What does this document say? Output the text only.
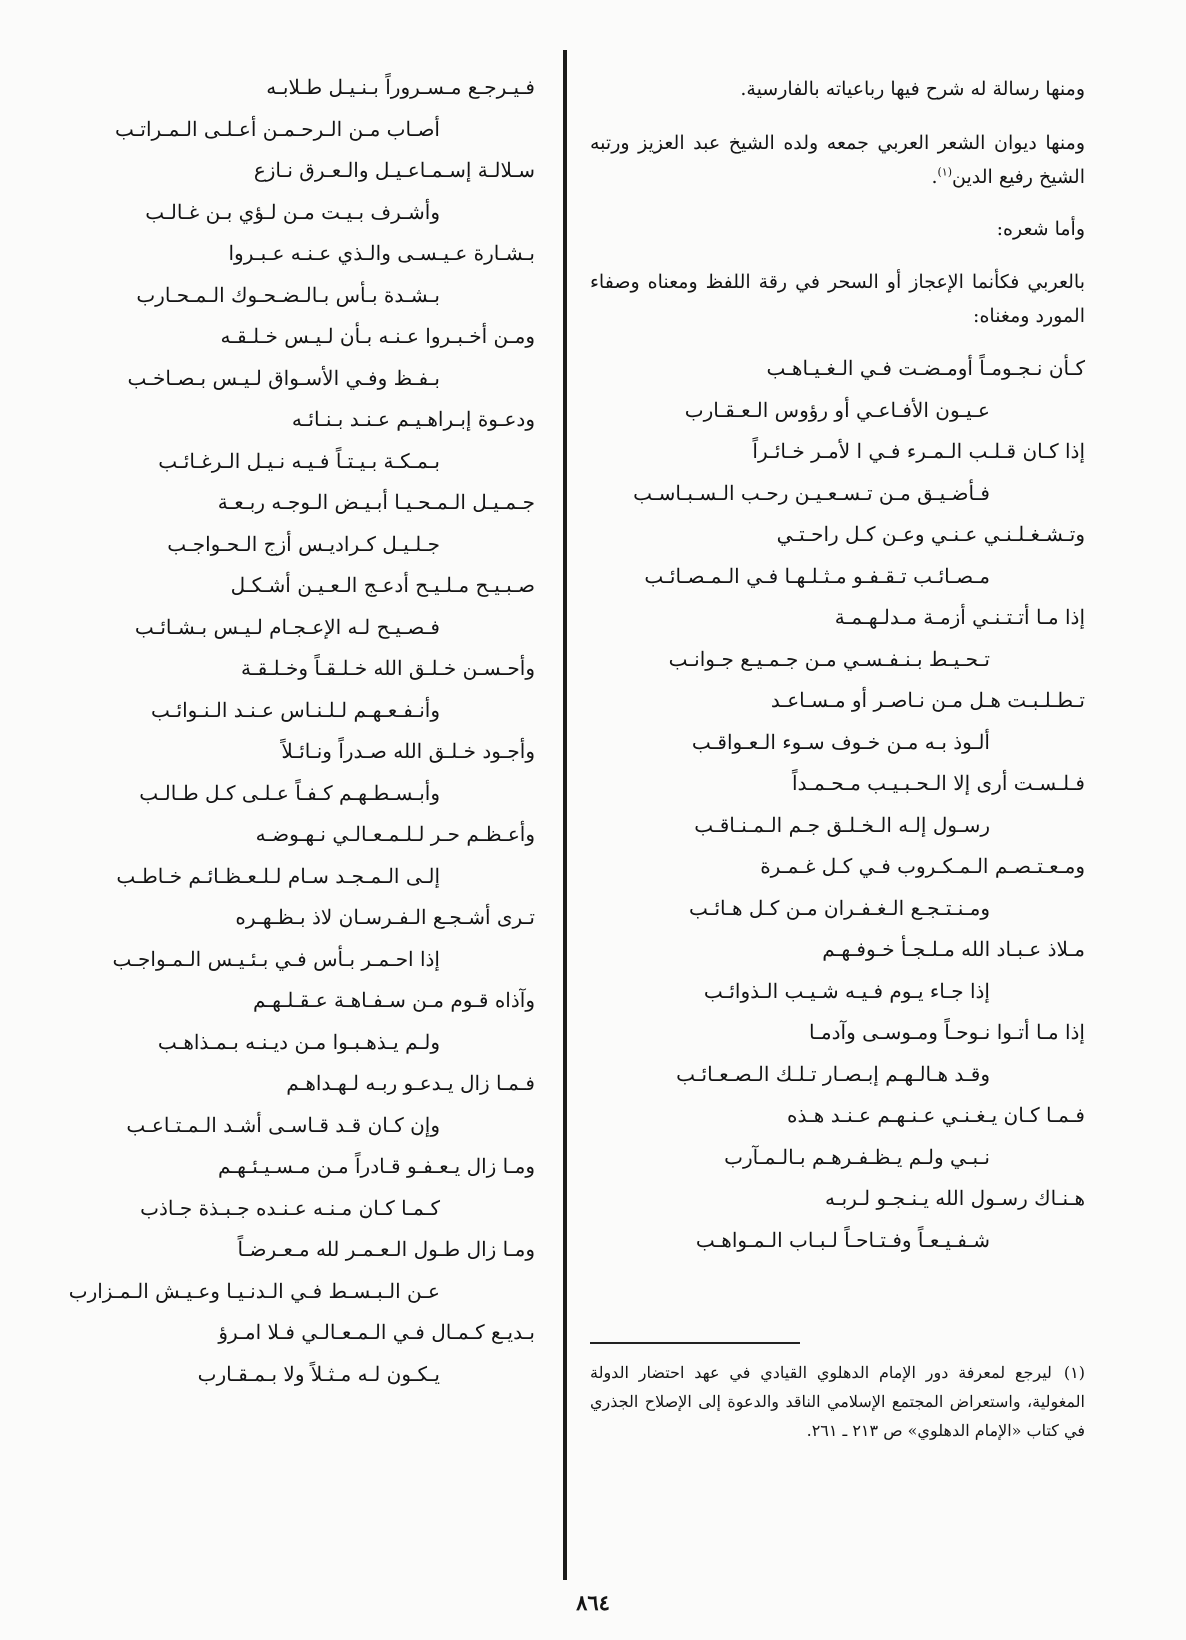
ومنها رسالة له شرح فيها رباعياته بالفارسية.
ومنها ديوان الشعر العربي جمعه ولده الشيخ عبد العزيز ورتبه الشيخ رفيع الدين$^{(١)}$.
وأما شعره:
بالعربي فكأنما الإعجاز أو السحر في رقة اللفظ ومعناه وصفاء المورد ومغناه:
كـأن نـجـومـاً أومـضـت فـي الـغـيـاهـب
عـيـون الأفـاعـي أو رؤوس الـعـقـارب
إذا كـان قـلـب الـمـرء فـي ا لأمـر خـائـراً
فـأضـيـق مـن تـسـعـيـن رحـب الـسـبـاسـب
وتـشـغـلـنـي عـنـي وعـن كـل راحـتـي
مـصـائـب تـقـفـو مـثـلـهـا فـي الـمـصـائـب
إذا مـا أتـتـنـي أزمـة مـدلـهـمـة
تـحـيـط بـنـفـسـي مـن جـمـيـع جـوانـب
تـطـلـبـت هـل مـن نـاصـر أو مـسـاعـد
ألـوذ بـه مـن خـوف سـوء الـعـواقـب
فـلـسـت أرى إلا الـحـبـيـب مـحـمـداً
رسـول إلـه الـخـلـق جـم الـمـنـاقـب
ومـعـتـصـم الـمـكـروب فـي كـل غـمـرة
ومـنـتـجـع الـغـفـران مـن كـل هـائـب
مـلاذ عـبـاد الله مـلـجـأ خـوفـهـم
إذا جـاء يـوم فـيـه شـيـب الـذوائـب
إذا مـا أتـوا نـوحـاً ومـوسـى وآدمـا
وقـد هـالـهـم إبـصـار تـلـك الـصـعـائـب
فـمـا كـان يـغـنـي عـنـهـم عـنـد هـذه
نـبـي ولـم يـظـفـرهـم بـالـمـآرب
هـنـاك رسـول الله يـنـجـو لـربـه
شـفـيـعـاً وفـتـاحـاً لـبـاب الـمـواهـب
(١)ليرجع لمعرفة دور الإمام الدهلوي القيادي في عهد احتضار الدولة المغولية، واستعراض المجتمع الإسلامي الناقد والدعوة إلى الإصلاح الجذري في كتاب «الإمام الدهلوي» ص ٢١٣ ـ ٢٦١.
فـيـرجـع مـسـروراً بـنـيـل طـلابـه
أصـاب مـن الـرحـمـن أعـلـى الـمـراتـب
سـلالـة إسـمـاعـيـل والـعـرق نـازع
وأشـرف بـيـت مـن لـؤي بـن غـالـب
بـشـارة عـيـسـى والـذي عـنـه عـبـروا
بـشـدة بـأس بـالـضـحـوك الـمـحـارب
ومـن أخـبـروا عـنـه بـأن لـيـس خـلـقـه
بـفـظ وفـي الأسـواق لـيـس بـصـاخـب
ودعـوة إبـراهـيـم عـنـد بـنـائـه
بـمـكـة بـيـتـاً فـيـه نـيـل الـرغـائـب
جـمـيـل الـمـحـيـا أبـيـض الـوجـه ربـعـة
جـلـيـل كـراديـس أزج الـحـواجـب
صـبـيـح مـلـيـح أدعـج الـعـيـن أشـكـل
فـصـيـح لـه الإعـجـام لـيـس بـشـائـب
وأحـسـن خـلـق الله خـلـقـاً وخـلـقـة
وأنـفـعـهـم لـلـنـاس عـنـد الـنـوائـب
وأجـود خـلـق الله صـدراً ونـائـلاً
وأبـسـطـهـم كـفـاً عـلـى كـل طـالـب
وأعـظـم حـر لـلـمـعـالـي نـهـوضـه
إلـى الـمـجـد سـام لـلـعـظـائـم خـاطـب
تـرى أشـجـع الـفـرسـان لاذ بـظـهـره
إذا احـمـر بـأس فـي بـئـيـس الـمـواجـب
وآذاه قـوم مـن سـفـاهـة عـقـلـهـم
ولـم يـذهـبـوا مـن ديـنـه بـمـذاهـب
فـمـا زال يـدعـو ربـه لـهـداهـم
وإن كـان قـد قـاسـى أشـد الـمـتـاعـب
ومـا زال يـعـفـو قـادراً مـن مـسـيـئـهـم
كـمـا كـان مـنـه عـنـده جـبـذة جـاذب
ومـا زال طـول الـعـمـر لله مـعـرضـاً
عـن الـبـسـط فـي الـدنـيـا وعـيـش الـمـزارب
بـديـع كـمـال فـي الـمـعـالـي فـلا امـرؤ
يـكـون لـه مـثـلاً ولا بـمـقـارب
٨٦٤
